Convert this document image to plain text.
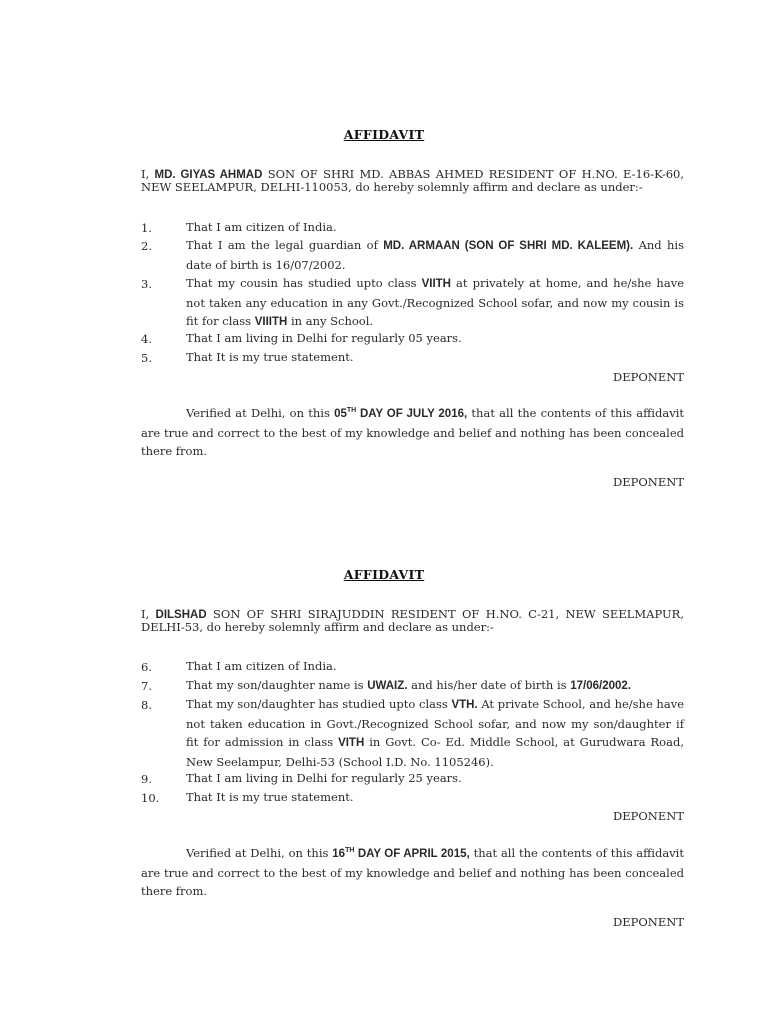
AFFIDAVIT
I, MD. GIYAS AHMAD SON OF SHRI MD. ABBAS AHMED RESIDENT OF H.NO. E-16-K-60, NEW SEELAMPUR, DELHI-110053, do hereby solemnly affirm and declare as under:-
1.	That I am citizen of India.
2.	That I am the legal guardian of MD. ARMAAN (SON OF SHRI MD. KALEEM). And his date of birth is 16/07/2002.
3.	That my cousin has studied upto class VIITH at privately at home, and he/she have not taken any education in any Govt./Recognized School sofar, and now my cousin is fit for class VIIITH in any School.
4.	That I am living in Delhi for regularly 05 years.
5.	That It is my true statement.
DEPONENT
Verified at Delhi, on this 05TH DAY OF JULY 2016, that all the contents of this affidavit are true and correct to the best of my knowledge and belief and nothing has been concealed there from.
DEPONENT
AFFIDAVIT
I, DILSHAD SON OF SHRI SIRAJUDDIN RESIDENT OF H.NO. C-21, NEW SEELMAPUR, DELHI-53, do hereby solemnly affirm and declare as under:-
6.	That I am citizen of India.
7.	That my son/daughter name is UWAIZ. and his/her date of birth is 17/06/2002.
8.	That my son/daughter has studied upto class VTH. At private School, and he/she have not taken education in Govt./Recognized School sofar, and now my son/daughter if fit for admission in class VITH in Govt. Co- Ed. Middle School, at Gurudwara Road, New Seelampur, Delhi-53 (School I.D. No. 1105246).
9.	That I am living in Delhi for regularly 25 years.
10. That It is my true statement.
DEPONENT
Verified at Delhi, on this 16TH DAY OF APRIL 2015, that all the contents of this affidavit are true and correct to the best of my knowledge and belief and nothing has been concealed there from.
DEPONENT
